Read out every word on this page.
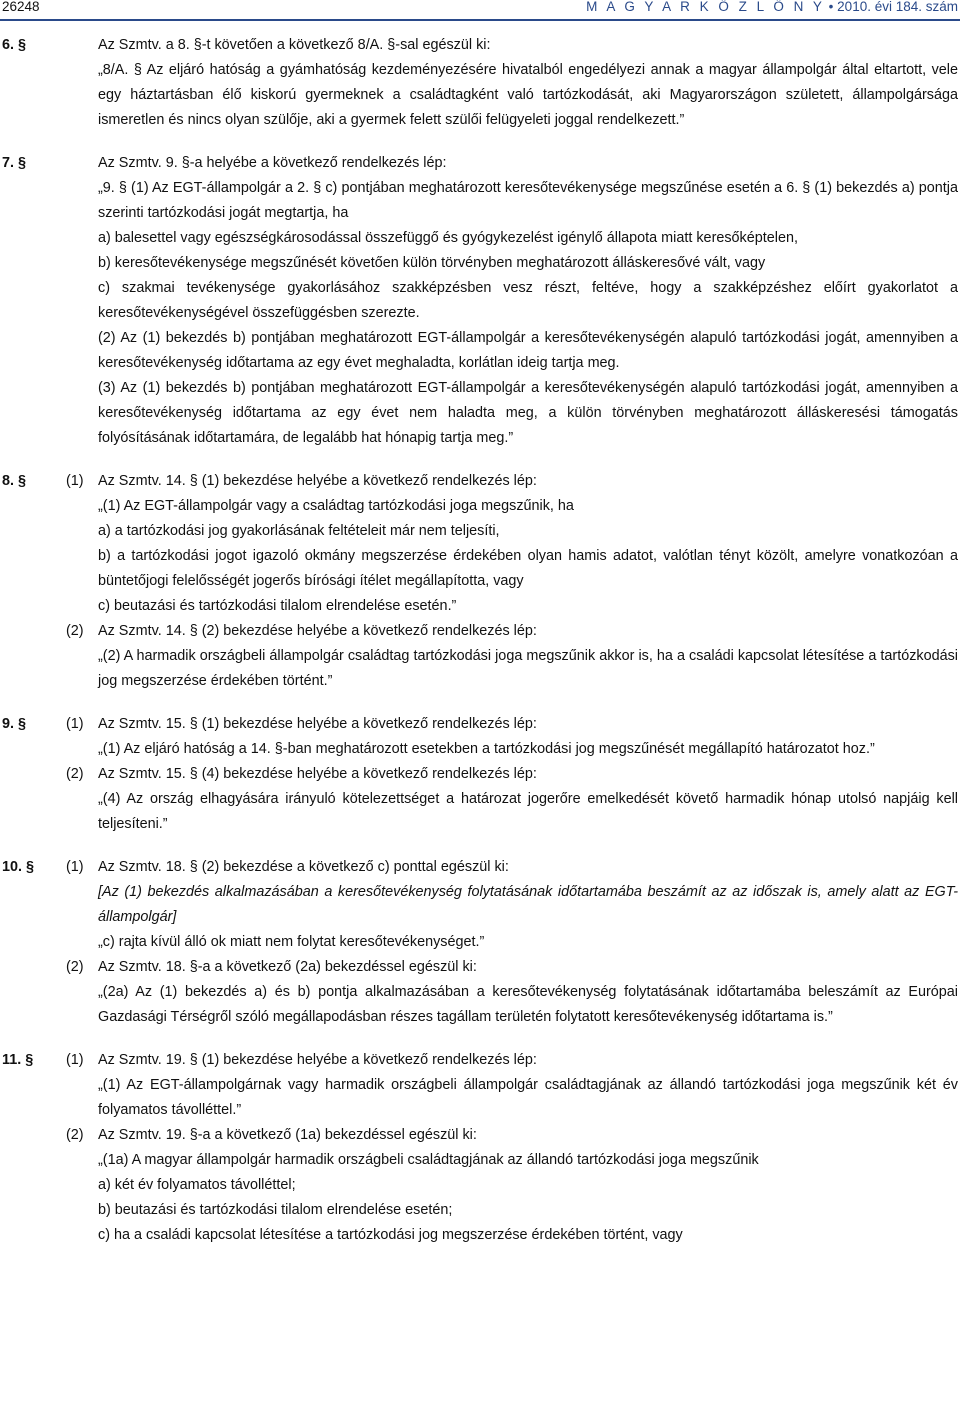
26248	M A G Y A R K Ö Z L Ö N Y • 2010. évi 184. szám
6. §	Az Szmtv. a 8. §-t követően a következő 8/A. §-sal egészül ki:
„8/A. § Az eljáró hatóság a gyámhatóság kezdeményezésére hivatalból engedélyezi annak a magyar állampolgár által eltartott, vele egy háztartásban élő kiskorú gyermeknek a családtagként való tartózkodását, aki Magyarországon született, állampolgársága ismeretlen és nincs olyan szülője, aki a gyermek felett szülői felügyeleti joggal rendelkezett.”
7. §	Az Szmtv. 9. §-a helyébe a következő rendelkezés lép:
„9. § (1) Az EGT-állampolgár a 2. § c) pontjában meghatározott keresőtevékenysége megszűnése esetén a 6. § (1) bekezdés a) pontja szerinti tartózkodási jogát megtartja, ha
a) balesettel vagy egészségkárosodással összefüggő és gyógykezelést igénylő állapota miatt keresőképtelen,
b) keresőtevékenysége megszűnését követően külön törvényben meghatározott álláskeresővé vált, vagy
c) szakmai tevékenysége gyakorlásához szakképzésben vesz részt, feltéve, hogy a szakképzéshez előírt gyakorlatot a keresőtevékenységével összefüggésben szerezte.
(2) Az (1) bekezdés b) pontjában meghatározott EGT-állampolgár a keresőtevékenységén alapuló tartózkodási jogát, amennyiben a keresőtevékenység időtartama az egy évet meghaladta, korlátlan ideig tartja meg.
(3) Az (1) bekezdés b) pontjában meghatározott EGT-állampolgár a keresőtevékenységén alapuló tartózkodási jogát, amennyiben a keresőtevékenység időtartama az egy évet nem haladta meg, a külön törvényben meghatározott álláskeresési támogatás folyósításának időtartamára, de legalább hat hónapig tartja meg.”
8. §	(1)	Az Szmtv. 14. § (1) bekezdése helyébe a következő rendelkezés lép:
„(1) Az EGT-állampolgár vagy a családtag tartózkodási joga megszűnik, ha
a) a tartózkodási jog gyakorlásának feltételeit már nem teljesíti,
b) a tartózkodási jogot igazoló okmány megszerzése érdekében olyan hamis adatot, valótlan tényt közölt, amelyre vonatkozóan a büntetőjogi felelősségét jogerős bírósági ítélet megállapította, vagy
c) beutazási és tartózkodási tilalom elrendelése esetén.”
(2)	Az Szmtv. 14. § (2) bekezdése helyébe a következő rendelkezés lép:
„(2) A harmadik országbeli állampolgár családtag tartózkodási joga megszűnik akkor is, ha a családi kapcsolat létesítése a tartózkodási jog megszerzése érdekében történt.”
9. §	(1)	Az Szmtv. 15. § (1) bekezdése helyébe a következő rendelkezés lép:
„(1) Az eljáró hatóság a 14. §-ban meghatározott esetekben a tartózkodási jog megszűnését megállapító határozatot hoz.”
(2)	Az Szmtv. 15. § (4) bekezdése helyébe a következő rendelkezés lép:
„(4) Az ország elhagyására irányuló kötelezettséget a határozat jogerőre emelkedését követő harmadik hónap utolsó napjáig kell teljesíteni.”
10. §	(1)	Az Szmtv. 18. § (2) bekezdése a következő c) ponttal egészül ki:
[Az (1) bekezdés alkalmazásában a keresőtevékenység folytatásának időtartamába beszámít az az időszak is, amely alatt az EGT-állampolgár]
„c) rajta kívül álló ok miatt nem folytat keresőtevékenységet.”
(2)	Az Szmtv. 18. §-a a következő (2a) bekezdéssel egészül ki:
„(2a) Az (1) bekezdés a) és b) pontja alkalmazásában a keresőtevékenység folytatásának időtartamába beleszámít az Európai Gazdasági Térségről szóló megállapodásban részes tagállam területén folytatott keresőtevékenység időtartama is.”
11. §	(1)	Az Szmtv. 19. § (1) bekezdése helyébe a következő rendelkezés lép:
„(1) Az EGT-állampolgárnak vagy harmadik országbeli állampolgár családtagjának az állandó tartózkodási joga megszűnik két év folyamatos távolléttel.”
(2)	Az Szmtv. 19. §-a a következő (1a) bekezdéssel egészül ki:
„(1a) A magyar állampolgár harmadik országbeli családtagjának az állandó tartózkodási joga megszűnik
a) két év folyamatos távolléttel;
b) beutazási és tartózkodási tilalom elrendelése esetén;
c) ha a családi kapcsolat létesítése a tartózkodási jog megszerzése érdekében történt, vagy
